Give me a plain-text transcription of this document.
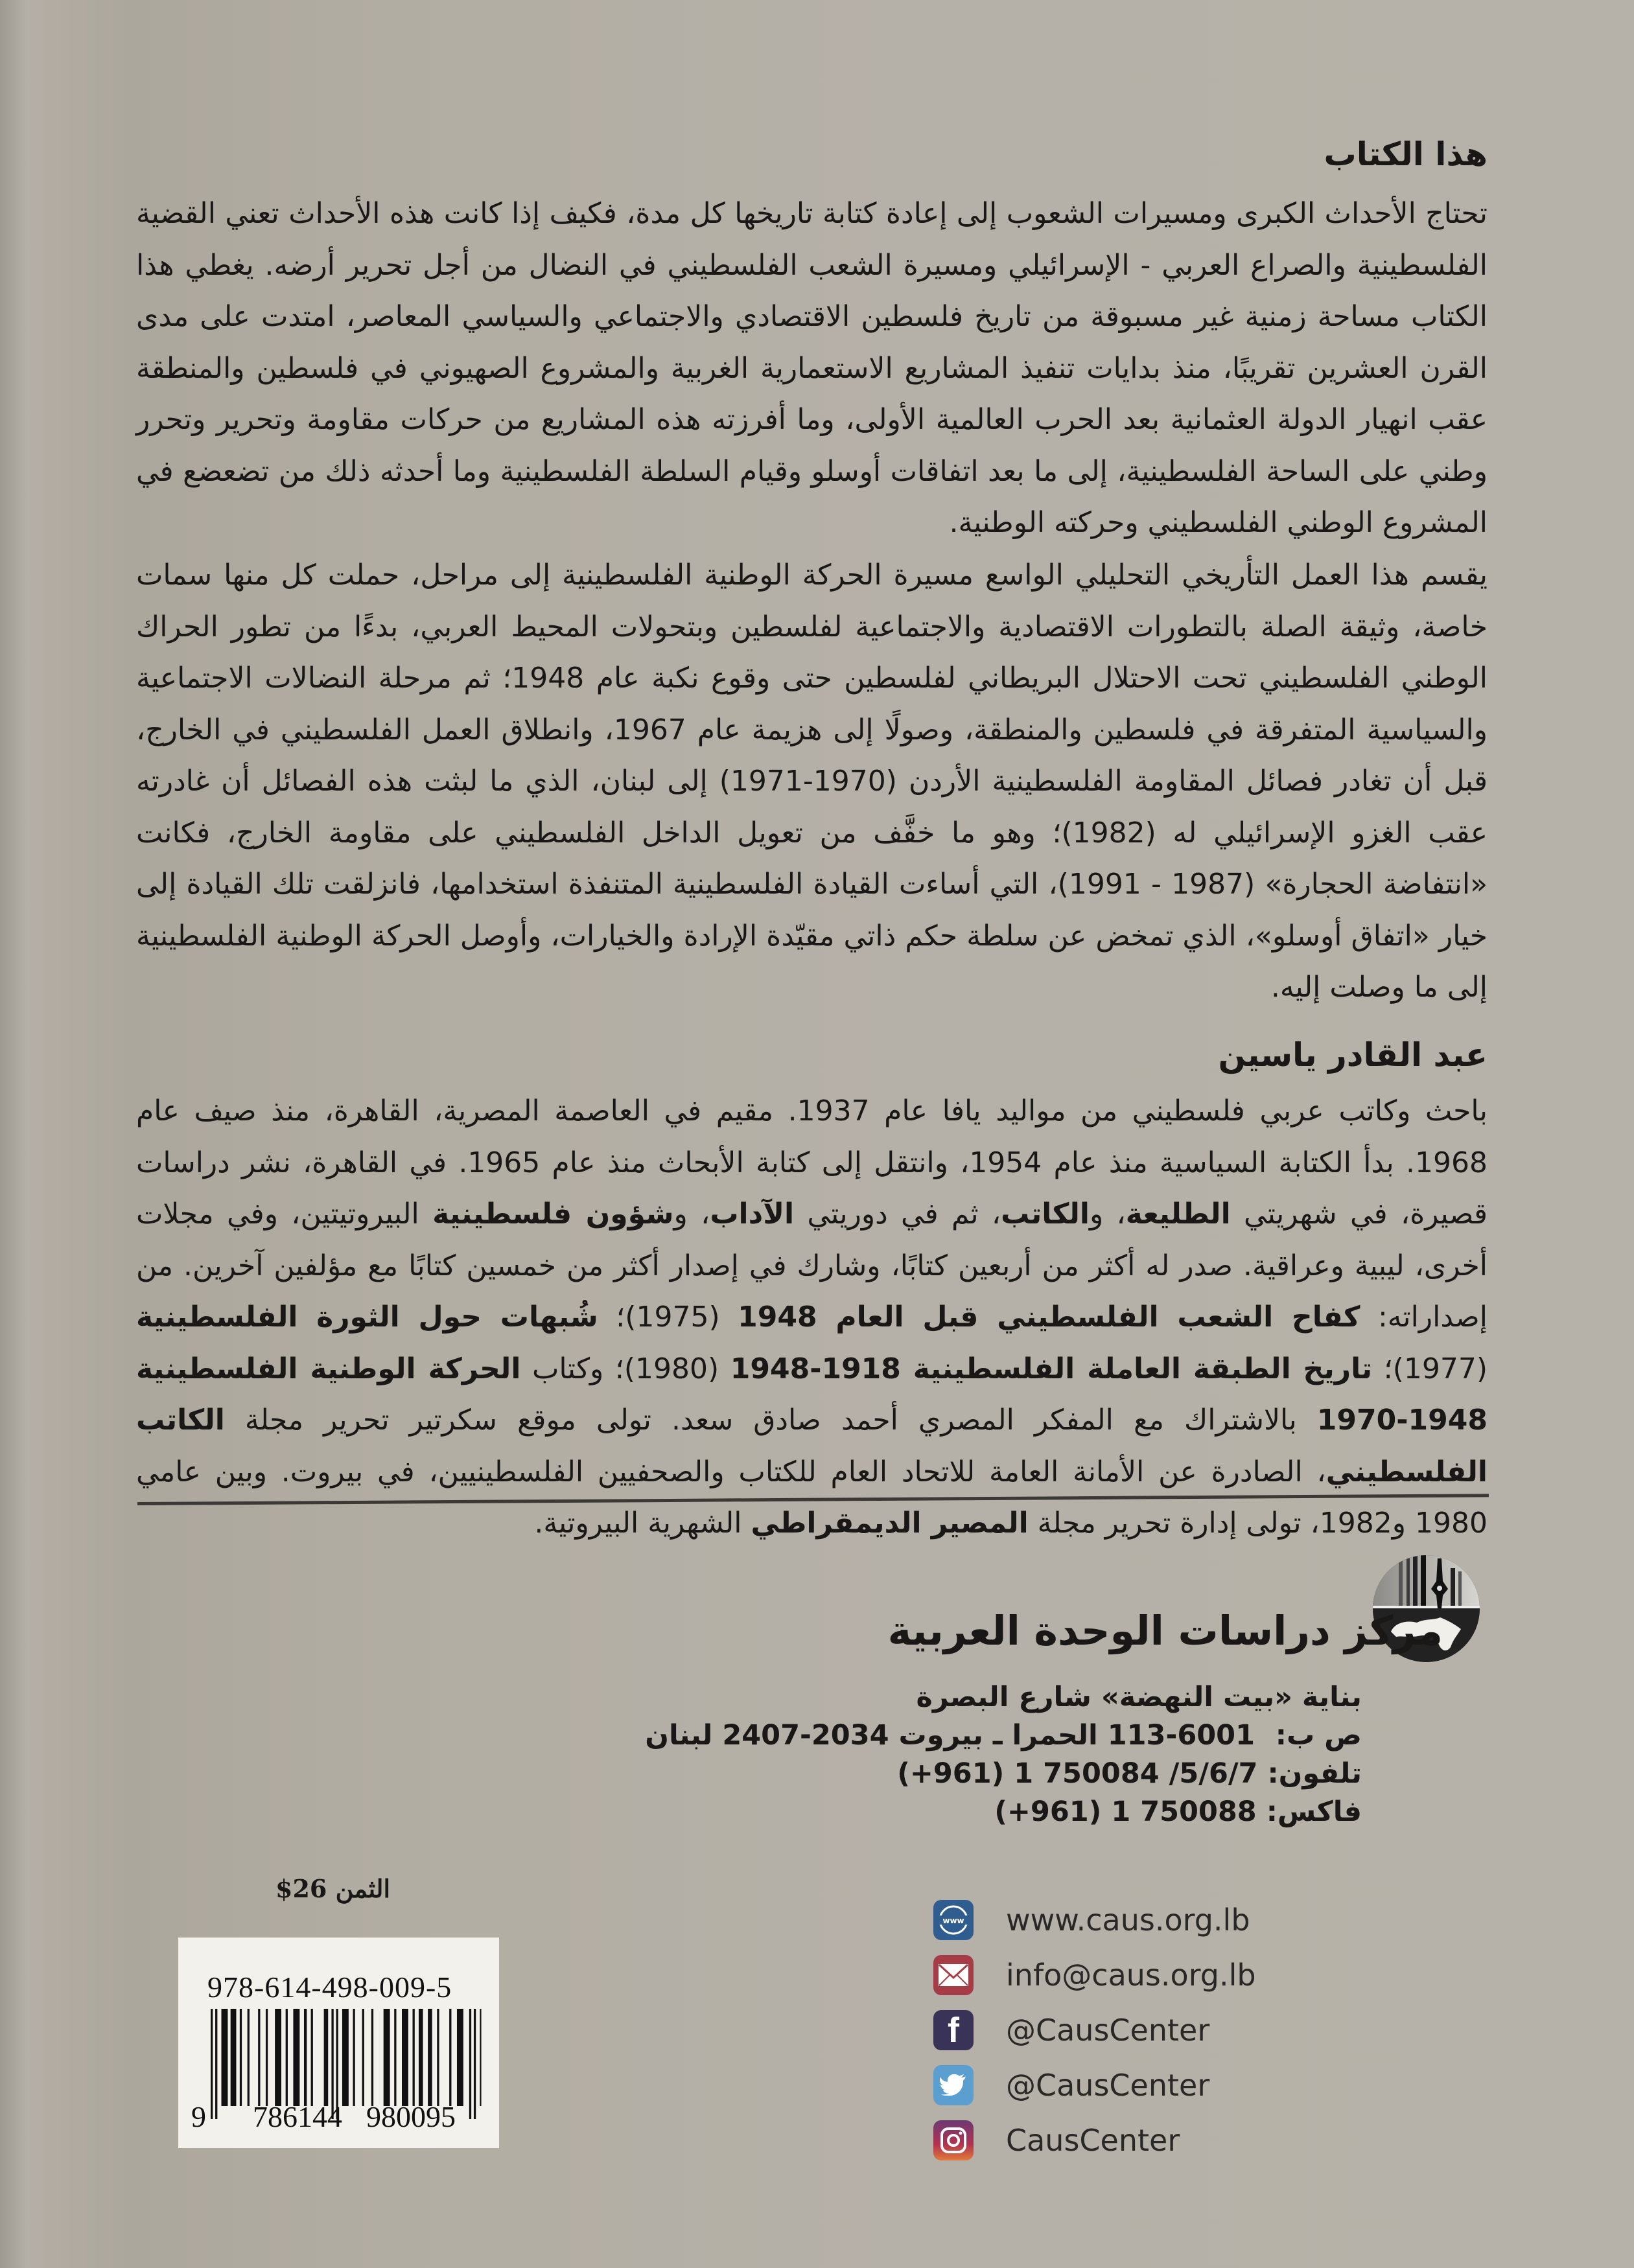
هذا الكتاب

تحتاج الأحداث الكبرى ومسيرات الشعوب إلى إعادة كتابة تاريخها كل مدة، فكيف إذا كانت هذه الأحداث تعني القضية الفلسطينية والصراع العربي - الإسرائيلي ومسيرة الشعب الفلسطيني في النضال من أجل تحرير أرضه. يغطي هذا الكتاب مساحة زمنية غير مسبوقة من تاريخ فلسطين الاقتصادي والاجتماعي والسياسي المعاصر، امتدت على مدى القرن العشرين تقريبًا، منذ بدايات تنفيذ المشاريع الاستعمارية الغربية والمشروع الصهيوني في فلسطين والمنطقة عقب انهيار الدولة العثمانية بعد الحرب العالمية الأولى، وما أفرزته هذه المشاريع من حركات مقاومة وتحرير وتحرر وطني على الساحة الفلسطينية، إلى ما بعد اتفاقات أوسلو وقيام السلطة الفلسطينية وما أحدثه ذلك من تضعضع في المشروع الوطني الفلسطيني وحركته الوطنية.

يقسم هذا العمل التأريخي التحليلي الواسع مسيرة الحركة الوطنية الفلسطينية إلى مراحل، حملت كل منها سمات خاصة، وثيقة الصلة بالتطورات الاقتصادية والاجتماعية لفلسطين وبتحولات المحيط العربي، بدءًا من تطور الحراك الوطني الفلسطيني تحت الاحتلال البريطاني لفلسطين حتى وقوع نكبة عام 1948؛ ثم مرحلة النضالات الاجتماعية والسياسية المتفرقة في فلسطين والمنطقة، وصولًا إلى هزيمة عام 1967، وانطلاق العمل الفلسطيني في الخارج، قبل أن تغادر فصائل المقاومة الفلسطينية الأردن (1970-1971) إلى لبنان، الذي ما لبثت هذه الفصائل أن غادرته عقب الغزو الإسرائيلي له (1982)؛ وهو ما خفَّف من تعويل الداخل الفلسطيني على مقاومة الخارج، فكانت «انتفاضة الحجارة» (1987 - 1991)، التي أساءت القيادة الفلسطينية المتنفذة استخدامها، فانزلقت تلك القيادة إلى خيار «اتفاق أوسلو»، الذي تمخض عن سلطة حكم ذاتي مقيّدة الإرادة والخيارات، وأوصل الحركة الوطنية الفلسطينية إلى ما وصلت إليه.

عبد القادر ياسين

باحث وكاتب عربي فلسطيني من مواليد يافا عام 1937. مقيم في العاصمة المصرية، القاهرة، منذ صيف عام 1968. بدأ الكتابة السياسية منذ عام 1954، وانتقل إلى كتابة الأبحاث منذ عام 1965. في القاهرة، نشر دراسات قصيرة، في شهريتي الطليعة، والكاتب، ثم في دوريتي الآداب، وشؤون فلسطينية البيروتيتين، وفي مجلات أخرى، ليبية وعراقية. صدر له أكثر من أربعين كتابًا، وشارك في إصدار أكثر من خمسين كتابًا مع مؤلفين آخرين. من إصداراته: كفاح الشعب الفلسطيني قبل العام 1948 (1975)؛ شُبهات حول الثورة الفلسطينية (1977)؛ تاريخ الطبقة العاملة الفلسطينية 1918-1948 (1980)؛ وكتاب الحركة الوطنية الفلسطينية 1948-1970 بالاشتراك مع المفكر المصري أحمد صادق سعد. تولى موقع سكرتير تحرير مجلة الكاتب الفلسطيني، الصادرة عن الأمانة العامة للاتحاد العام للكتاب والصحفيين الفلسطينيين، في بيروت. وبين عامي 1980 و1982، تولى إدارة تحرير مجلة المصير الديمقراطي الشهرية البيروتية.

مركز دراسات الوحدة العربية
بناية «بيت النهضة» شارع البصرة
ص ب: 113-6001 الحمرا ـ بيروت 2034-2407 لبنان
تلفون: (+961) 1 750084 /5/6/7
فاكس: (+961) 1 750088
الثمن $26
978-614-498-009-5
9 786144 980095
www www.caus.org.lb
info@caus.org.lb
f	@CausCenter
@CausCenter
CausCenter
